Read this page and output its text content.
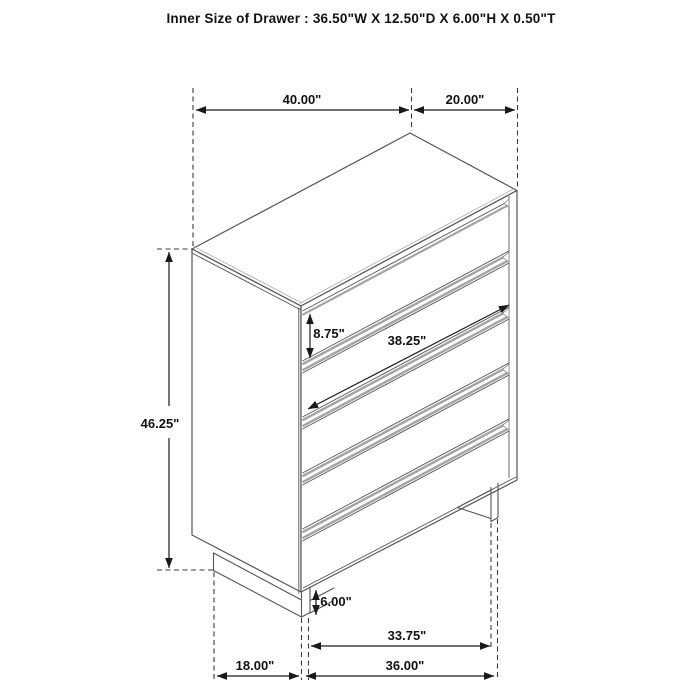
Inner Size of Drawer : 36.50"W X 12.50"D X 6.00"H X 0.50"T
40.00"	20.00"
46.25"
8.75"	38.25"
6.00"
33.75"
18.00"	36.00"
